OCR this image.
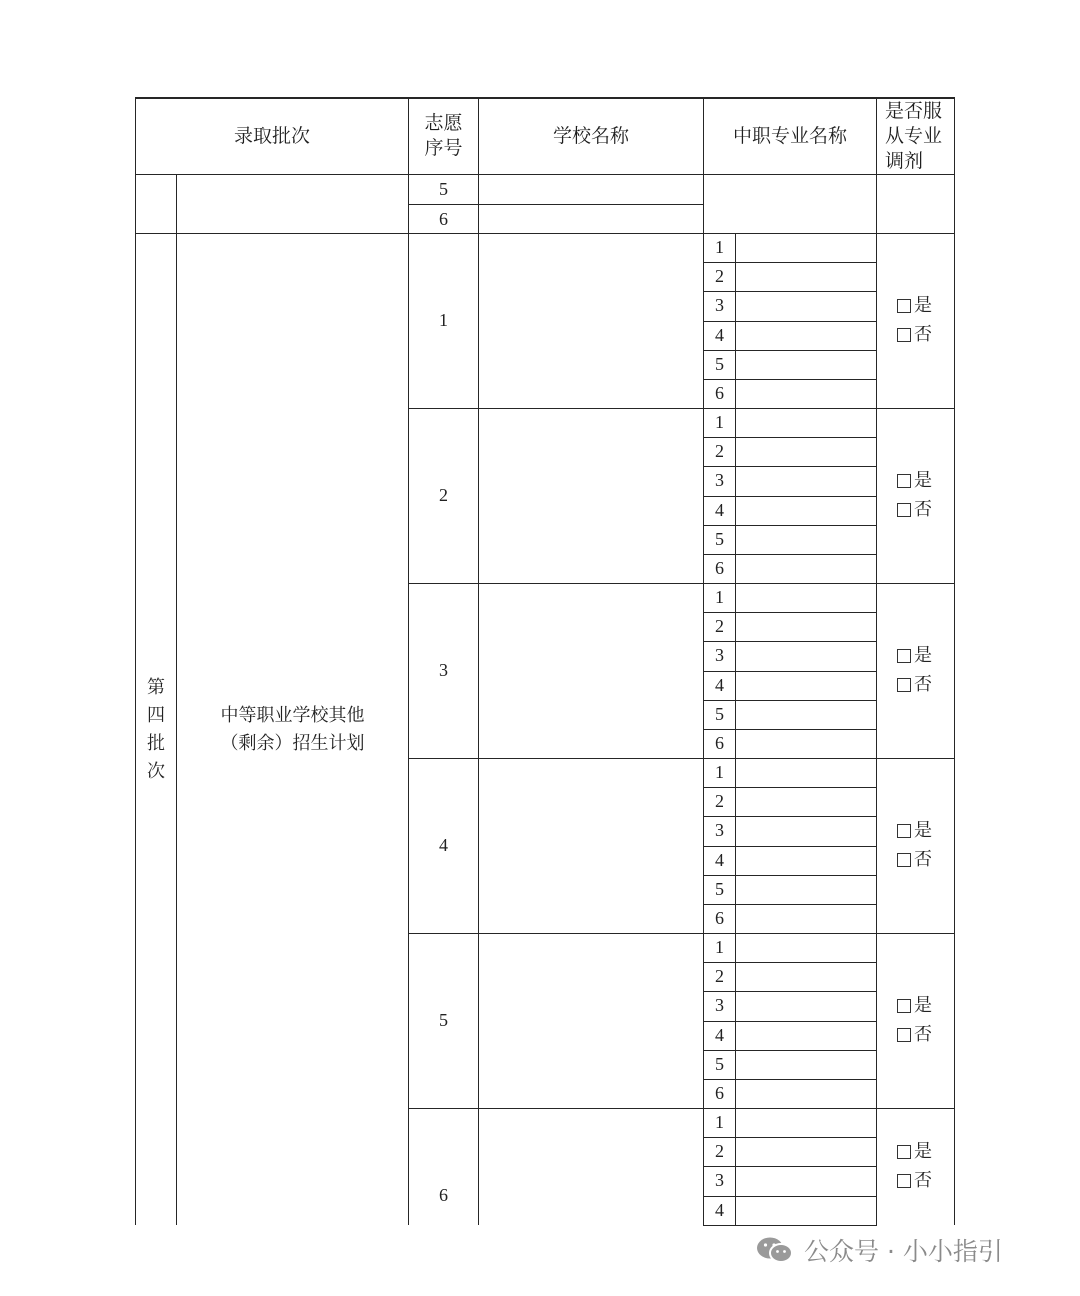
录取批次
志愿
序号
学校名称	中职专业名称
是否服
从专业
调剂
5
6
第
四
批
次
中等职业学校其他
（剩余）招生计划
1
1
2
3
4
5
6
是
否
2
1
2
3
4
5
6
是
否
3
1
2
3
4
5
6
是
否
4
1
2
3
4
5
6
是
否
5
1
2
3
4
5
6
是
否
6
1
2
3
4
是
否
公众号 · 小小指引
